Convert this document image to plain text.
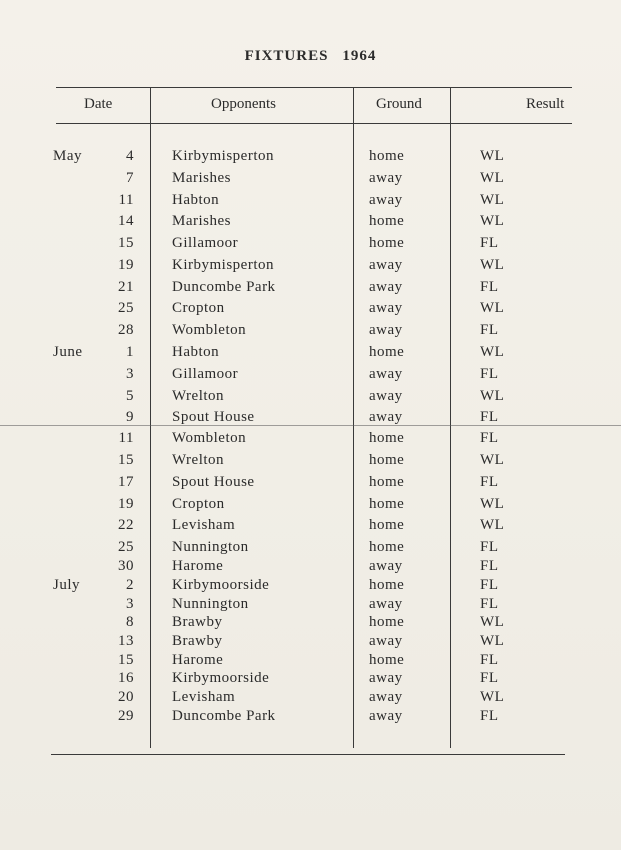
FIXTURES 1964
Date	Opponents	Ground	Result
May	4	Kirbymisperton	home	WL
7	Marishes	away	WL
11	Habton	away	WL
14	Marishes	home	WL
15	Gillamoor	home	FL
19	Kirbymisperton	away	WL
21	Duncombe Park	away	FL
25	Cropton	away	WL
28	Wombleton	away	FL
June	1	Habton	home	WL
3	Gillamoor	away	FL
5	Wrelton	away	WL
9	Spout House	away	FL
11	Wombleton	home	FL
15	Wrelton	home	WL
17	Spout House	home	FL
19	Cropton	home	WL
22	Levisham	home	WL
25	Nunnington	home	FL
30	Harome	away	FL
July	2	Kirbymoorside	home	FL
3	Nunnington	away	FL
8	Brawby	home	WL
13	Brawby	away	WL
15	Harome	home	FL
16	Kirbymoorside	away	FL
20	Levisham	away	WL
29	Duncombe Park	away	FL
